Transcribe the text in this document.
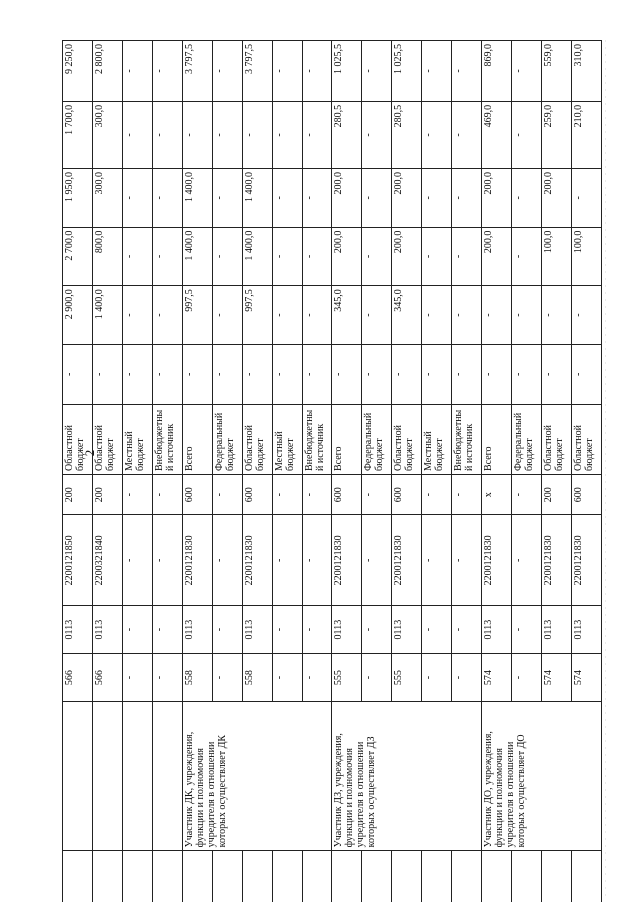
2
		566	0113	2200121850	200	Областной бюджет	-	2 900,0	2 700,0	1 950,0	1 700,0	9 250,0
		566	0113	2200321840	200	Областной бюджет	-	1 400,0	800,0	300,0	300,0	2 800,0
		-	-	-	-	Местный бюджет	-	-	-	-	-	-
		-	-	-	-	Внебюджетный источник	-	-	-	-	-	-
	Участник ДК, учреждения, функции и полномочия учредителя в отношении которых осуществляет ДК	558	0113	2200121830	600	Всего	-	997,5	1 400,0	1 400,0	-	3 797,5
		-	-	-	-	Федеральный бюджет	-	-	-	-	-	-
		558	0113	2200121830	600	Областной бюджет	-	997,5	1 400,0	1 400,0	-	3 797,5
		-	-	-	-	Местный бюджет	-	-	-	-	-	-
		-	-	-	-	Внебюджетный источник	-	-	-	-	-	-
	Участник ДЗ, учреждения, функции и полномочия учредителя в отношении которых осуществляет ДЗ	555	0113	2200121830	600	Всего	-	345,0	200,0	200,0	280,5	1 025,5
		-	-	-	-	Федеральный бюджет	-	-	-	-	-	-
		555	0113	2200121830	600	Областной бюджет	-	345,0	200,0	200,0	280,5	1 025,5
		-	-	-	-	Местный бюджет	-	-	-	-	-	-
		-	-	-	-	Внебюджетный источник	-	-	-	-	-	-
	Участник ДО, учреждения, функции и полномочия учредителя в отношении которых осуществляет ДО	574	0113	2200121830	x	Всего	-	-	200,0	200,0	469,0	869,0
		-	-	-	-	Федеральный бюджет	-	-	-	-	-	-
		574	0113	2200121830	200	Областной бюджет	-	-	100,0	200,0	259,0	559,0
		574	0113	2200121830	600	Областной бюджет	-	-	100,0	-	210,0	310,0
